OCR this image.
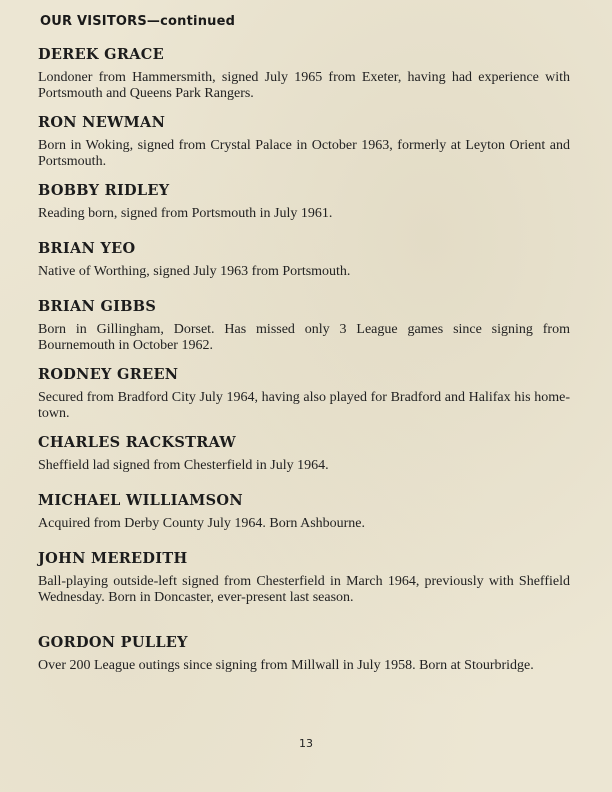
OUR VISITORS—continued

DEREK GRACE

Londoner from Hammersmith, signed July 1965 from Exeter, having had experience with Portsmouth and Queens Park Rangers.

RON NEWMAN

Born in Woking, signed from Crystal Palace in October 1963, formerly at Leyton Orient and Portsmouth.

BOBBY RIDLEY

Reading born, signed from Portsmouth in July 1961.

BRIAN YEO

Native of Worthing, signed July 1963 from Portsmouth.

BRIAN GIBBS

Born in Gillingham, Dorset. Has missed only 3 League games since signing from Bournemouth in October 1962.

RODNEY GREEN

Secured from Bradford City July 1964, having also played for Bradford and Halifax his home-town.

CHARLES RACKSTRAW

Sheffield lad signed from Chesterfield in July 1964.

MICHAEL WILLIAMSON

Acquired from Derby County July 1964. Born Ashbourne.

JOHN MEREDITH

Ball-playing outside-left signed from Chesterfield in March 1964, previously with Sheffield Wednesday. Born in Doncaster, ever-present last season.

GORDON PULLEY

Over 200 League outings since signing from Millwall in July 1958. Born at Stourbridge.

13
